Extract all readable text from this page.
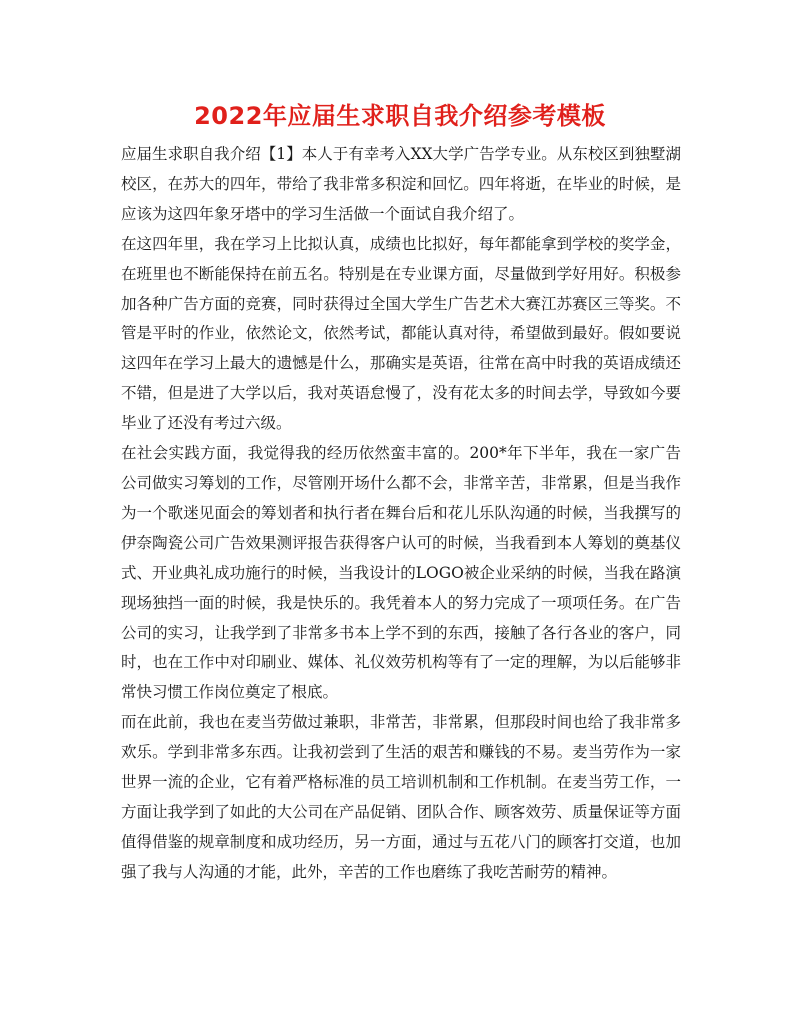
2022年应届生求职自我介绍参考模板

应届生求职自我介绍【1】本人于有幸考入XX大学广告学专业。从东校区到独墅湖校区，在苏大的四年，带给了我非常多积淀和回忆。四年将逝，在毕业的时候，是应该为这四年象牙塔中的学习生活做一个面试自我介绍了。

在这四年里，我在学习上比拟认真，成绩也比拟好，每年都能拿到学校的奖学金，在班里也不断能保持在前五名。特别是在专业课方面，尽量做到学好用好。积极参加各种广告方面的竞赛，同时获得过全国大学生广告艺术大赛江苏赛区三等奖。不管是平时的作业，依然论文，依然考试，都能认真对待，希望做到最好。假如要说这四年在学习上最大的遗憾是什么，那确实是英语，往常在高中时我的英语成绩还不错，但是进了大学以后，我对英语怠慢了，没有花太多的时间去学，导致如今要毕业了还没有考过六级。

在社会实践方面，我觉得我的经历依然蛮丰富的。200*年下半年，我在一家广告公司做实习筹划的工作，尽管刚开场什么都不会，非常辛苦，非常累，但是当我作为一个歌迷见面会的筹划者和执行者在舞台后和花儿乐队沟通的时候，当我撰写的伊奈陶瓷公司广告效果测评报告获得客户认可的时候，当我看到本人筹划的奠基仪式、开业典礼成功施行的时候，当我设计的LOGO被企业采纳的时候，当我在路演现场独挡一面的时候，我是快乐的。我凭着本人的努力完成了一项项任务。在广告公司的实习，让我学到了非常多书本上学不到的东西，接触了各行各业的客户，同时，也在工作中对印刷业、媒体、礼仪效劳机构等有了一定的理解，为以后能够非常快习惯工作岗位奠定了根底。

而在此前，我也在麦当劳做过兼职，非常苦，非常累，但那段时间也给了我非常多欢乐。学到非常多东西。让我初尝到了生活的艰苦和赚钱的不易。麦当劳作为一家世界一流的企业，它有着严格标准的员工培训机制和工作机制。在麦当劳工作，一方面让我学到了如此的大公司在产品促销、团队合作、顾客效劳、质量保证等方面值得借鉴的规章制度和成功经历，另一方面，通过与五花八门的顾客打交道，也加强了我与人沟通的才能，此外，辛苦的工作也磨练了我吃苦耐劳的精神。
